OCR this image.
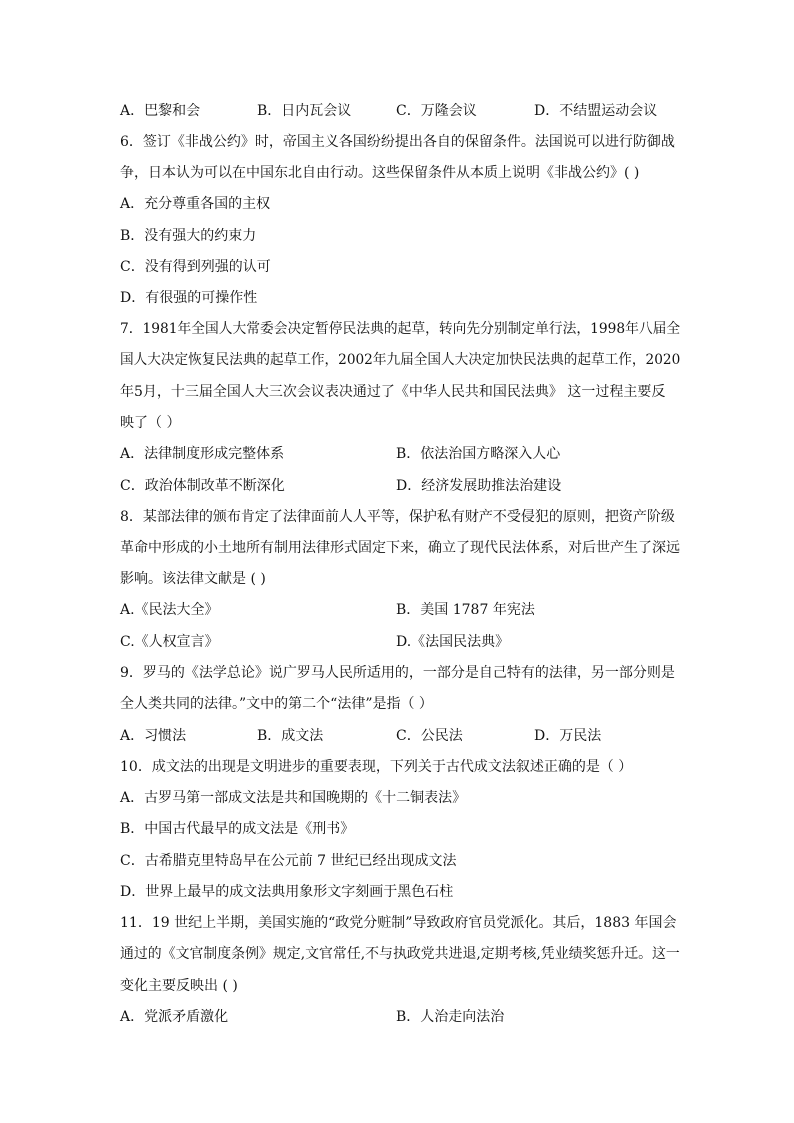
A．巴黎和会	B．日内瓦会议	C．万隆会议	D．不结盟运动会议
6．签订《非战公约》时，帝国主义各国纷纷提出各自的保留条件。法国说可以进行防御战
争，日本认为可以在中国东北自由行动。这些保留条件从本质上说明《非战公约》( )
A．充分尊重各国的主权
B．没有强大的约束力
C．没有得到列强的认可
D．有很强的可操作性
7．1981年全国人大常委会决定暂停民法典的起草，转向先分别制定单行法，1998年八届全
国人大决定恢复民法典的起草工作，2002年九届全国人大决定加快民法典的起草工作，2020
年5月，十三届全国人大三次会议表决通过了《中华人民共和国民法典》 这一过程主要反
映了（ ）
A．法律制度形成完整体系	B．依法治国方略深入人心
C．政治体制改革不断深化	D．经济发展助推法治建设
8．某部法律的颁布肯定了法律面前人人平等，保护私有财产不受侵犯的原则，把资产阶级
革命中形成的小土地所有制用法律形式固定下来，确立了现代民法体系，对后世产生了深远
影响。该法律文献是 ( )
A.《民法大全》	B．美国 1787 年宪法
C.《人权宣言》	D.《法国民法典》
9．罗马的《法学总论》说广罗马人民所适用的，一部分是自己特有的法律，另一部分则是
全人类共同的法律。”文中的第二个“法律”是指（ ）
A．习惯法	B．成文法	C．公民法	D．万民法
10．成文法的出现是文明进步的重要表现，下列关于古代成文法叙述正确的是（ ）
A．古罗马第一部成文法是共和国晚期的《十二铜表法》
B．中国古代最早的成文法是《刑书》
C．古希腊克里特岛早在公元前 7 世纪已经出现成文法
D．世界上最早的成文法典用象形文字刻画于黑色石柱
11．19 世纪上半期，美国实施的“政党分赃制”导致政府官员党派化。其后，1883 年国会
通过的《文官制度条例》规定,文官常任,不与执政党共进退,定期考核,凭业绩奖惩升迁。这一
变化主要反映出 ( )
A．党派矛盾激化	B．人治走向法治
